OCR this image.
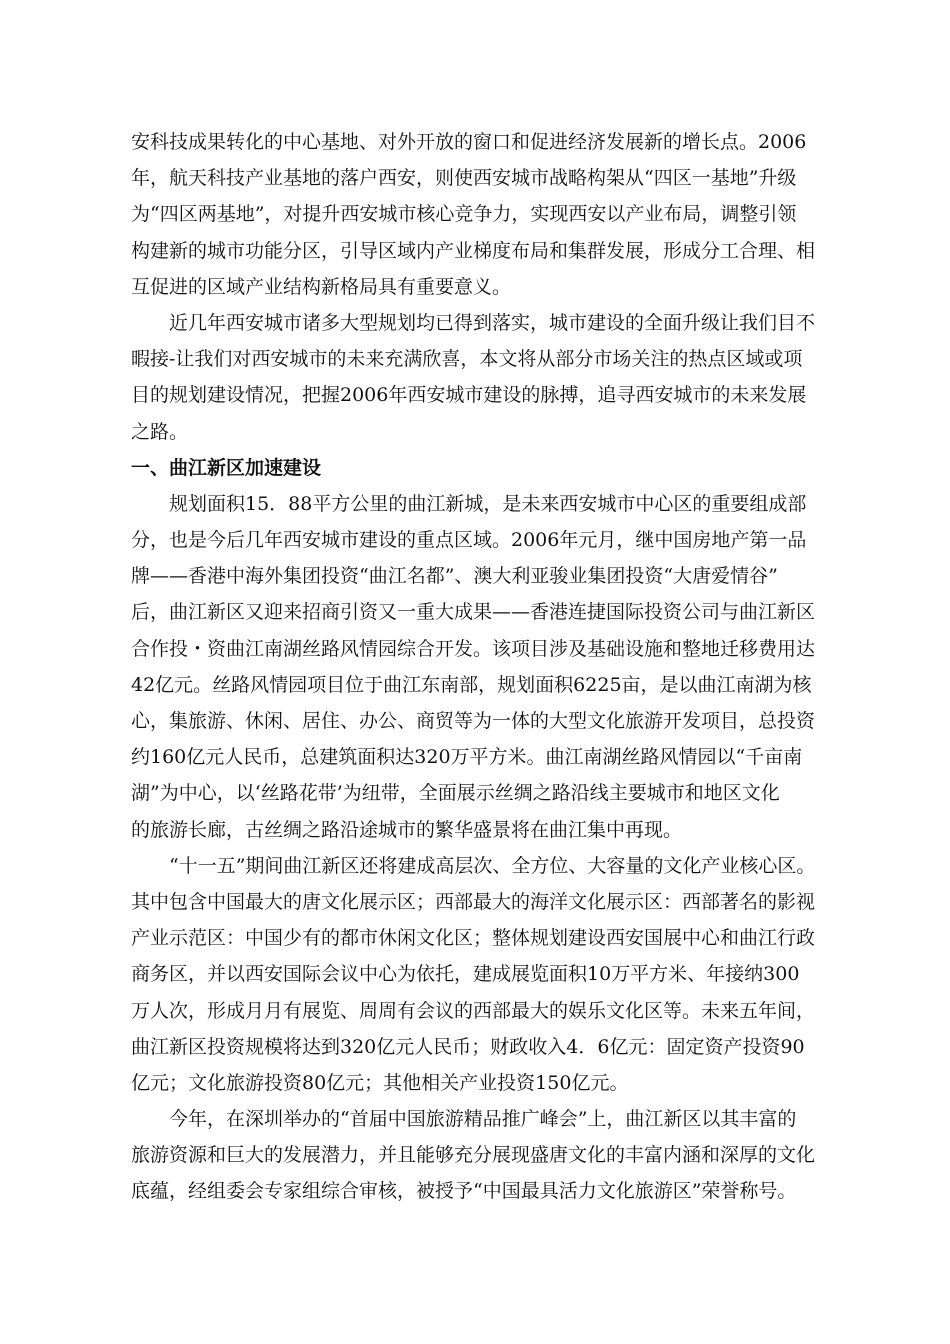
安科技成果转化的中心基地、对外开放的窗口和促进经济发展新的增长点。2006
年，航天科技产业基地的落户西安，则使西安城市战略构架从“四区一基地”升级
为“四区两基地”，对提升西安城市核心竞争力，实现西安以产业布局，调整引领
构建新的城市功能分区，引导区域内产业梯度布局和集群发展，形成分工合理、相
互促进的区域产业结构新格局具有重要意义。

近几年西安城市诸多大型规划均已得到落实，城市建设的全面升级让我们目不
暇接-让我们对西安城市的未来充满欣喜，本文将从部分市场关注的热点区域或项
目的规划建设情况，把握2006年西安城市建设的脉搏，追寻西安城市的未来发展
之路。

一、曲江新区加速建设

规划面积15．88平方公里的曲江新城，是未来西安城市中心区的重要组成部
分，也是今后几年西安城市建设的重点区域。2006年元月，继中国房地产第一品
牌——香港中海外集团投资“曲江名都”、澳大利亚骏业集团投资“大唐爱情谷”
后，曲江新区又迎来招商引资又一重大成果——香港连捷国际投资公司与曲江新区
合作投・资曲江南湖丝路风情园综合开发。该项目涉及基础设施和整地迁移费用达
42亿元。丝路风情园项目位于曲江东南部，规划面积6225亩，是以曲江南湖为核
心，集旅游、休闲、居住、办公、商贸等为一体的大型文化旅游开发项目，总投资
约160亿元人民币，总建筑面积达320万平方米。曲江南湖丝路风情园以“千亩南
湖”为中心，以‘丝路花带’为纽带，全面展示丝绸之路沿线主要城市和地区文化
的旅游长廊，古丝绸之路沿途城市的繁华盛景将在曲江集中再现。

“十一五”期间曲江新区还将建成高层次、全方位、大容量的文化产业核心区。
其中包含中国最大的唐文化展示区；西部最大的海洋文化展示区：西部著名的影视
产业示范区：中国少有的都市休闲文化区；整体规划建设西安国展中心和曲江行政
商务区，并以西安国际会议中心为依托，建成展览面积10万平方米、年接纳300
万人次，形成月月有展览、周周有会议的西部最大的娱乐文化区等。未来五年间，
曲江新区投资规模将达到320亿元人民币；财政收入4．6亿元：固定资产投资90
亿元；文化旅游投资80亿元；其他相关产业投资150亿元。

今年，在深圳举办的“首届中国旅游精品推广峰会”上，曲江新区以其丰富的
旅游资源和巨大的发展潜力，并且能够充分展现盛唐文化的丰富内涵和深厚的文化
底蕴，经组委会专家组综合审核，被授予“中国最具活力文化旅游区”荣誉称号。
